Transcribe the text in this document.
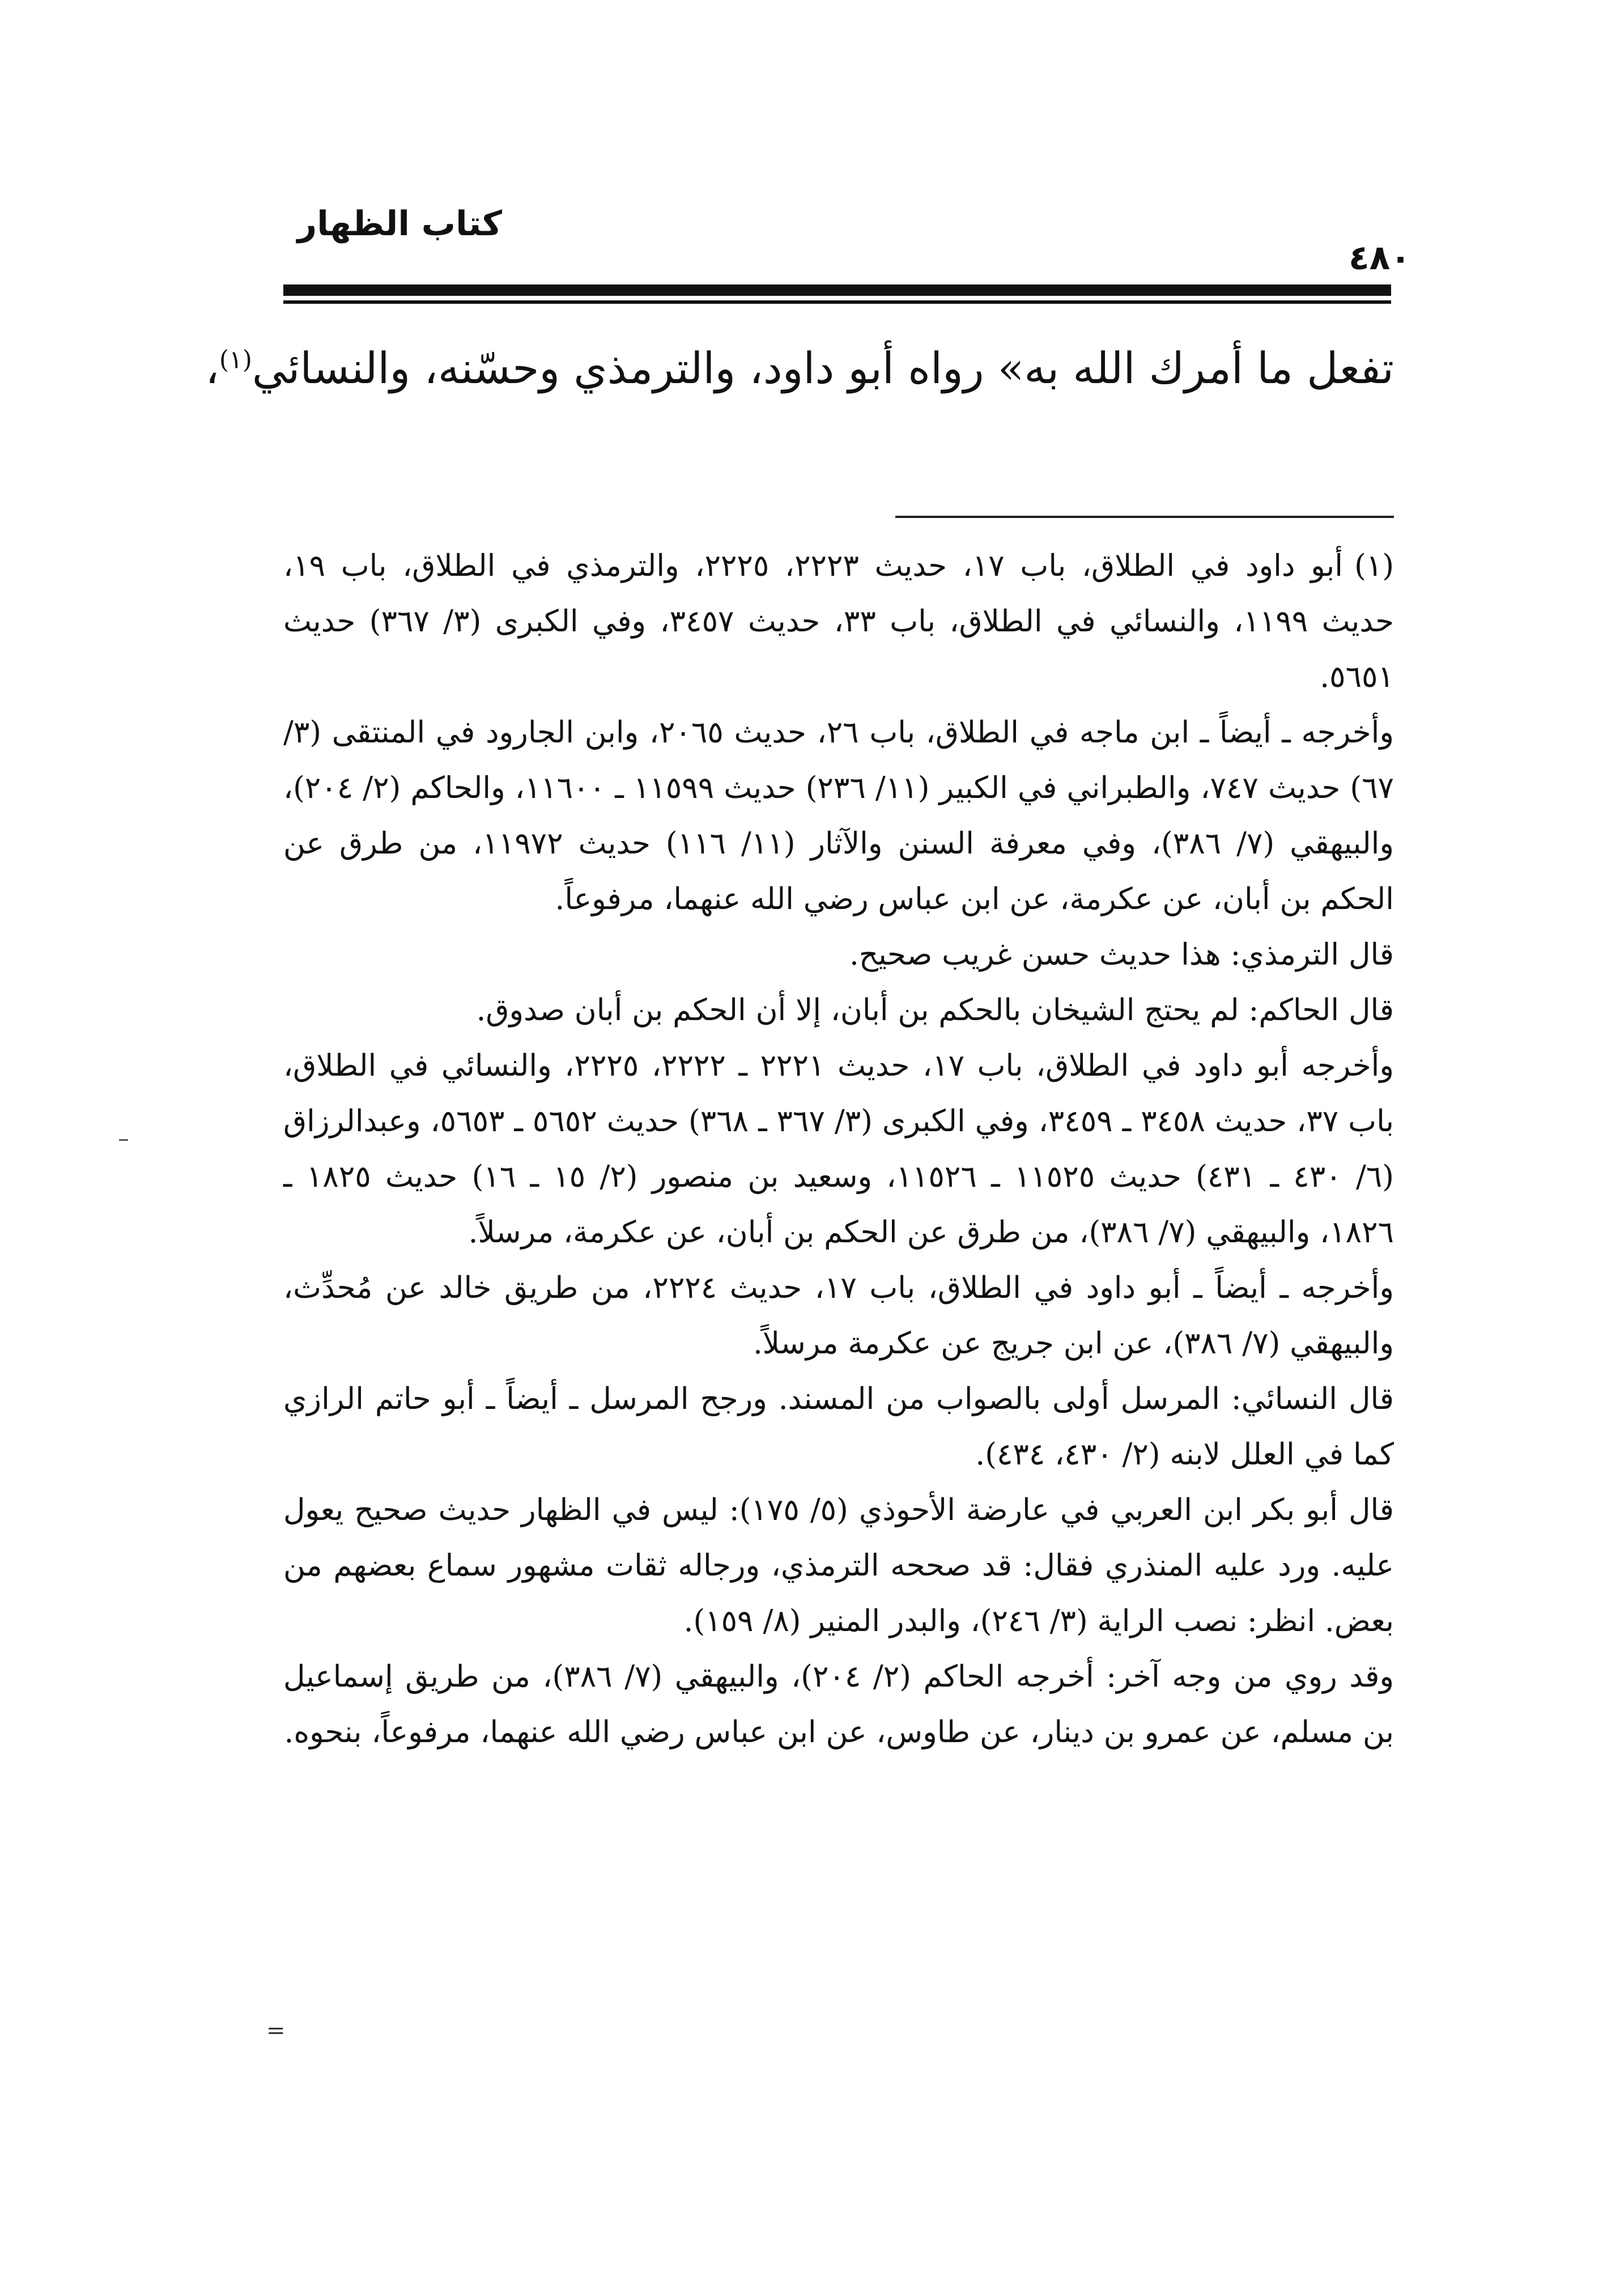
كتاب الظهار
٤٨٠
تفعل ما أمرك الله به» رواه أبو داود، والترمذي وحسّنه، والنسائي$^{(١)}$،

(١)أبو داود في الطلاق، باب ١٧، حديث ٢٢٢٣، ٢٢٢٥، والترمذي في الطلاق، باب ١٩، حديث ١١٩٩، والنسائي في الطلاق، باب ٣٣، حديث ٣٤٥٧، وفي الكبرى (٣/ ٣٦٧) حديث ٥٦٥١.

وأخرجه ـ أيضاً ـ ابن ماجه في الطلاق، باب ٢٦، حديث ٢٠٦٥، وابن الجارود في المنتقى (٣/ ٦٧) حديث ٧٤٧، والطبراني في الكبير (١١/ ٢٣٦) حديث ١١٥٩٩ ـ ١١٦٠٠، والحاكم (٢/ ٢٠٤)، والبيهقي (٧/ ٣٨٦)، وفي معرفة السنن والآثار (١١/ ١١٦) حديث ١١٩٧٢، من طرق عن الحكم بن أبان، عن عكرمة، عن ابن عباس رضي الله عنهما، مرفوعاً.

قال الترمذي: هذا حديث حسن غريب صحيح.

قال الحاكم: لم يحتج الشيخان بالحكم بن أبان، إلا أن الحكم بن أبان صدوق.

وأخرجه أبو داود في الطلاق، باب ١٧، حديث ٢٢٢١ ـ ٢٢٢٢، ٢٢٢٥، والنسائي في الطلاق، باب ٣٧، حديث ٣٤٥٨ ـ ٣٤٥٩، وفي الكبرى (٣/ ٣٦٧ ـ ٣٦٨) حديث ٥٦٥٢ ـ ٥٦٥٣، وعبدالرزاق (٦/ ٤٣٠ ـ ٤٣١) حديث ١١٥٢٥ ـ ١١٥٢٦، وسعيد بن منصور (٢/ ١٥ ـ ١٦) حديث ١٨٢٥ ـ ١٨٢٦، والبيهقي (٧/ ٣٨٦)، من طرق عن الحكم بن أبان، عن عكرمة، مرسلاً.

وأخرجه ـ أيضاً ـ أبو داود في الطلاق، باب ١٧، حديث ٢٢٢٤، من طريق خالد عن مُحدِّث، والبيهقي (٧/ ٣٨٦)، عن ابن جريج عن عكرمة مرسلاً.

قال النسائي: المرسل أولى بالصواب من المسند. ورجح المرسل ـ أيضاً ـ أبو حاتم الرازي كما في العلل لابنه (٢/ ٤٣٠، ٤٣٤).

قال أبو بكر ابن العربي في عارضة الأحوذي (٥/ ١٧٥): ليس في الظهار حديث صحيح يعول عليه. ورد عليه المنذري فقال: قد صححه الترمذي، ورجاله ثقات مشهور سماع بعضهم من بعض. انظر: نصب الراية (٣/ ٢٤٦)، والبدر المنير (٨/ ١٥٩).

وقد روي من وجه آخر: أخرجه الحاكم (٢/ ٢٠٤)، والبيهقي (٧/ ٣٨٦)، من طريق إسماعيل بن مسلم، عن عمرو بن دينار، عن طاوس، عن ابن عباس رضي الله عنهما، مرفوعاً، بنحوه.

=
